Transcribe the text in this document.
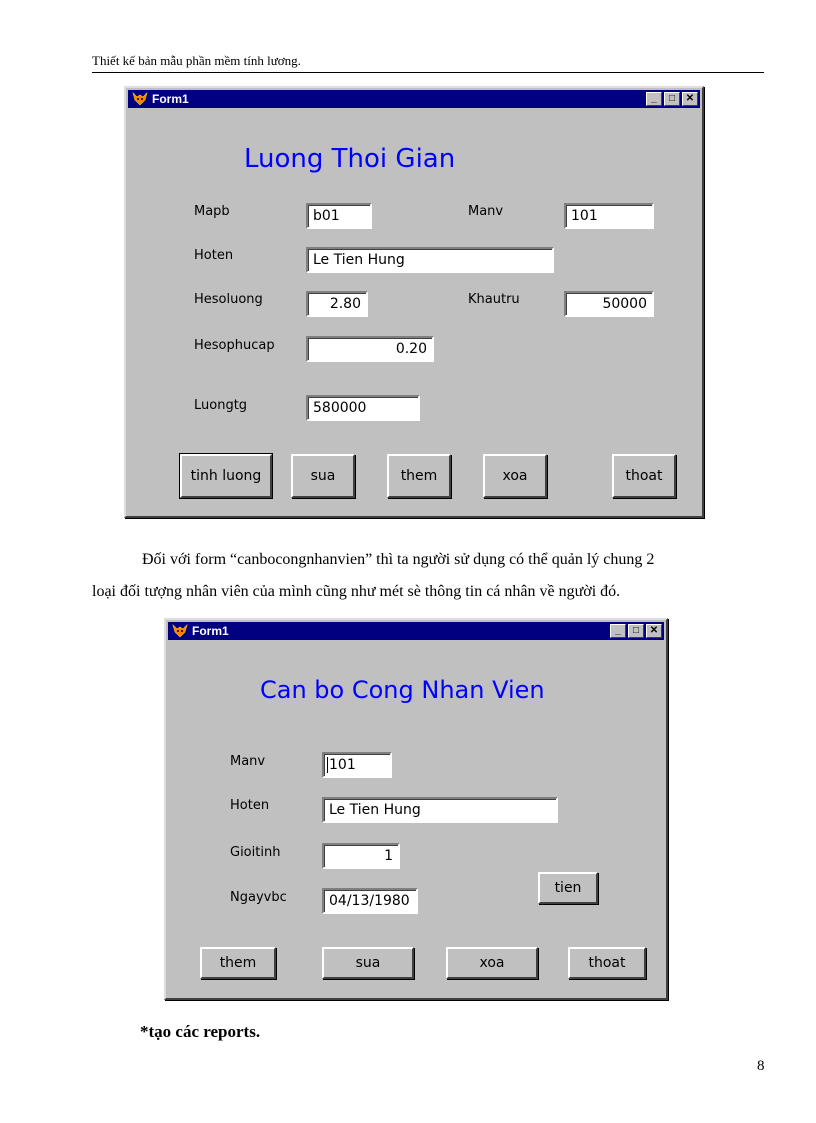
Thiết kế bản mẫu phần mềm tính lương.
Form1	_	□	✕
Luong Thoi Gian
Mapb	b01	Manv	101
Hoten	Le Tien Hung
Hesoluong	2.80	Khautru	50000
Hesophucap	0.20
Luongtg	580000
tinh luong	sua	them	xoa	thoat
Đối với form “canbocongnhanvien” thì ta người sử dụng có thể quản lý chung 2
loại đối tượng nhân viên của mình cũng như mét sè thông tin cá nhân về người đó.
Form1	_	□	✕
Can bo Cong Nhan Vien
Manv	101
Hoten	Le Tien Hung
Gioitinh	1
Ngayvbc	04/13/1980
tien
them	sua	xoa	thoat
*tạo các reports.
8
